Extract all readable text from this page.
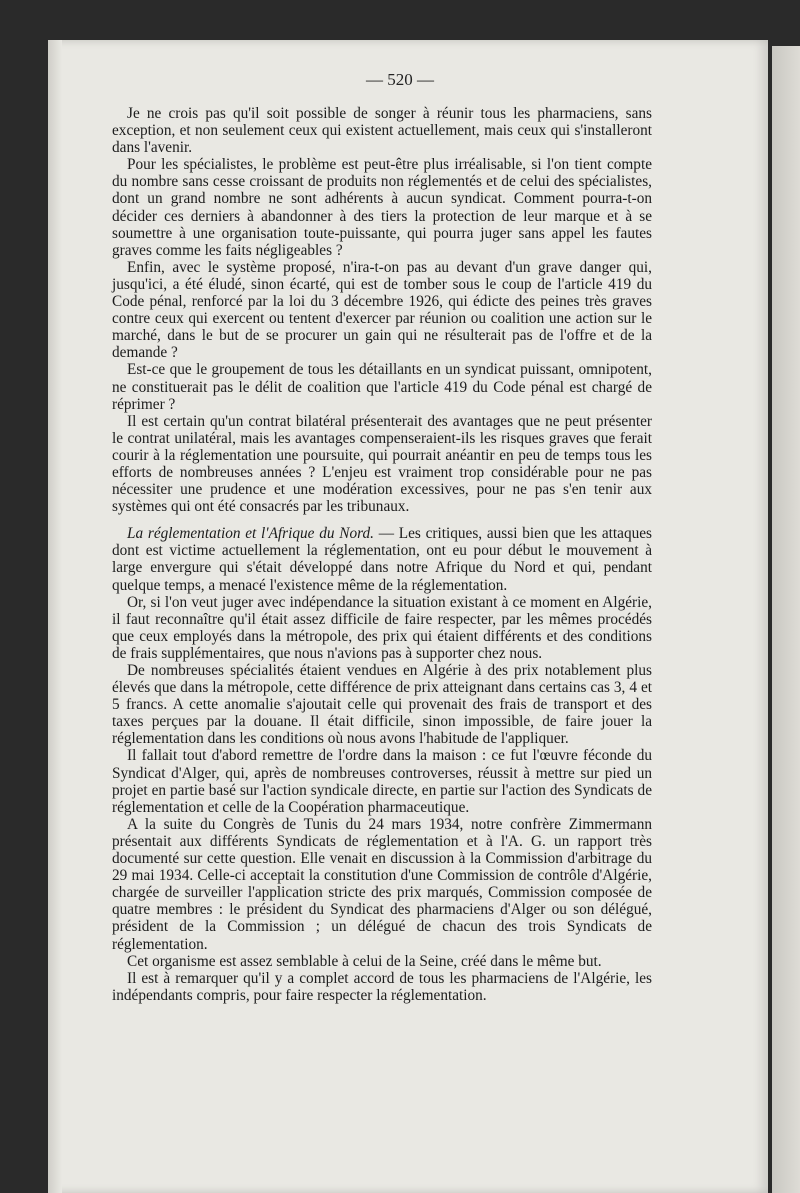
— 520 —

Je ne crois pas qu'il soit possible de songer à réunir tous les pharmaciens, sans exception, et non seulement ceux qui existent actuellement, mais ceux qui s'installeront dans l'avenir.

Pour les spécialistes, le problème est peut-être plus irréalisable, si l'on tient compte du nombre sans cesse croissant de produits non réglementés et de celui des spécialistes, dont un grand nombre ne sont adhérents à aucun syndicat. Comment pourra-t-on décider ces derniers à abandonner à des tiers la protection de leur marque et à se soumettre à une organisation toute-puissante, qui pourra juger sans appel les fautes graves comme les faits négligeables ?

Enfin, avec le système proposé, n'ira-t-on pas au devant d'un grave danger qui, jusqu'ici, a été éludé, sinon écarté, qui est de tomber sous le coup de l'article 419 du Code pénal, renforcé par la loi du 3 décembre 1926, qui édicte des peines très graves contre ceux qui exercent ou tentent d'exercer par réunion ou coalition une action sur le marché, dans le but de se procurer un gain qui ne résulterait pas de l'offre et de la demande ?

Est-ce que le groupement de tous les détaillants en un syndicat puissant, omnipotent, ne constituerait pas le délit de coalition que l'article 419 du Code pénal est chargé de réprimer ?

Il est certain qu'un contrat bilatéral présenterait des avantages que ne peut présenter le contrat unilatéral, mais les avantages compenseraient-ils les risques graves que ferait courir à la réglementation une poursuite, qui pourrait anéantir en peu de temps tous les efforts de nombreuses années ? L'enjeu est vraiment trop considérable pour ne pas nécessiter une prudence et une modération excessives, pour ne pas s'en tenir aux systèmes qui ont été consacrés par les tribunaux.

La réglementation et l'Afrique du Nord. — Les critiques, aussi bien que les attaques dont est victime actuellement la réglementation, ont eu pour début le mouvement à large envergure qui s'était développé dans notre Afrique du Nord et qui, pendant quelque temps, a menacé l'existence même de la réglementation.

Or, si l'on veut juger avec indépendance la situation existant à ce moment en Algérie, il faut reconnaître qu'il était assez difficile de faire respecter, par les mêmes procédés que ceux employés dans la métropole, des prix qui étaient différents et des conditions de frais supplémentaires, que nous n'avions pas à supporter chez nous.

De nombreuses spécialités étaient vendues en Algérie à des prix notablement plus élevés que dans la métropole, cette différence de prix atteignant dans certains cas 3, 4 et 5 francs. A cette anomalie s'ajoutait celle qui provenait des frais de transport et des taxes perçues par la douane. Il était difficile, sinon impossible, de faire jouer la réglementation dans les conditions où nous avons l'habitude de l'appliquer.

Il fallait tout d'abord remettre de l'ordre dans la maison : ce fut l'œuvre féconde du Syndicat d'Alger, qui, après de nombreuses controverses, réussit à mettre sur pied un projet en partie basé sur l'action syndicale directe, en partie sur l'action des Syndicats de réglementation et celle de la Coopération pharmaceutique.

A la suite du Congrès de Tunis du 24 mars 1934, notre confrère Zimmermann présentait aux différents Syndicats de réglementation et à l'A. G. un rapport très documenté sur cette question. Elle venait en discussion à la Commission d'arbitrage du 29 mai 1934. Celle-ci acceptait la constitution d'une Commission de contrôle d'Algérie, chargée de surveiller l'application stricte des prix marqués, Commission composée de quatre membres : le président du Syndicat des pharmaciens d'Alger ou son délégué, président de la Commission ; un délégué de chacun des trois Syndicats de réglementation.

Cet organisme est assez semblable à celui de la Seine, créé dans le même but.

Il est à remarquer qu'il y a complet accord de tous les pharmaciens de l'Algérie, les indépendants compris, pour faire respecter la réglementation.
